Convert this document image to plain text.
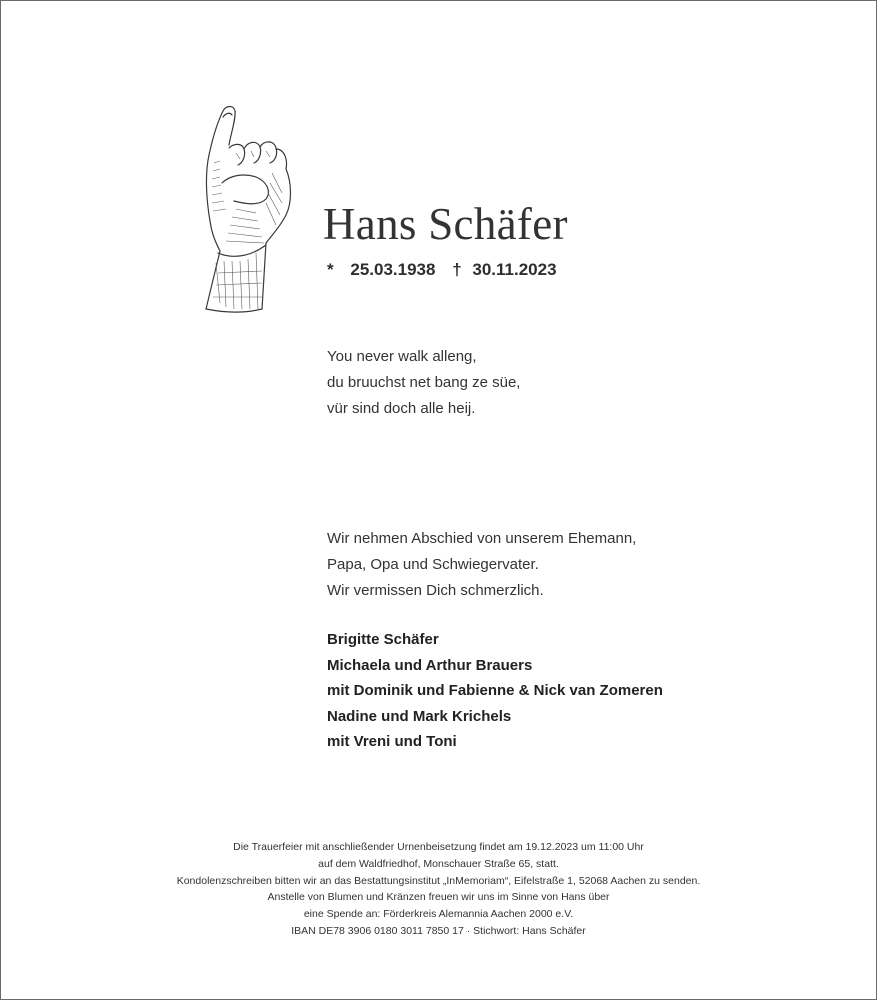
Hans Schäfer
* 25.03.1938 † 30.11.2023
You never walk alleng,
du bruuchst net bang ze süe,
vür sind doch alle heij.
Wir nehmen Abschied von unserem Ehemann,
Papa, Opa und Schwiegervater.
Wir vermissen Dich schmerzlich.
Brigitte Schäfer
Michaela und Arthur Brauers
mit Dominik und Fabienne & Nick van Zomeren
Nadine und Mark Krichels
mit Vreni und Toni
Die Trauerfeier mit anschließender Urnenbeisetzung findet am 19.12.2023 um 11:00 Uhr
auf dem Waldfriedhof, Monschauer Straße 65, statt.
Kondolenzschreiben bitten wir an das Bestattungsinstitut „InMemoriam“, Eifelstraße 1, 52068 Aachen zu senden.
Anstelle von Blumen und Kränzen freuen wir uns im Sinne von Hans über
eine Spende an: Förderkreis Alemannia Aachen 2000 e.V.
IBAN DE78 3906 0180 3011 7850 17 · Stichwort: Hans Schäfer
